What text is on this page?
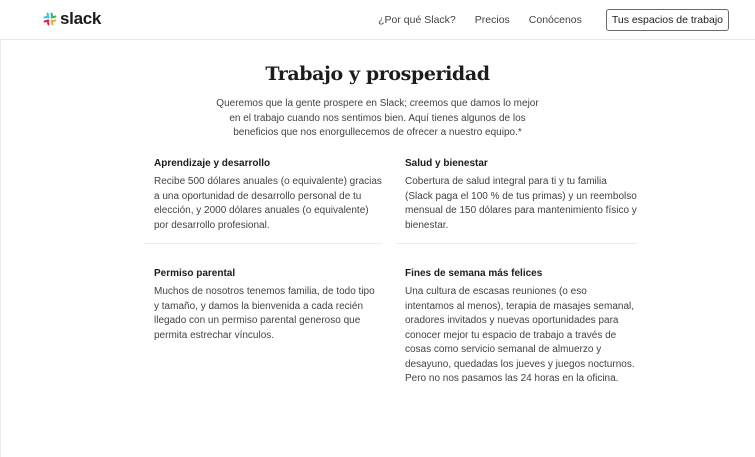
slack	¿Por qué Slack? Precios Conócenos	Tus espacios de trabajo
Trabajo y prosperidad

Queremos que la gente prospere en Slack; creemos que damos lo mejor en el trabajo cuando nos sentimos bien. Aquí tienes algunos de los beneficios que nos enorgullecemos de ofrecer a nuestro equipo.*

Aprendizaje y desarrollo

Recibe 500 dólares anuales (o equivalente) gracias a una oportunidad de desarrollo personal de tu elección, y 2000 dólares anuales (o equivalente) por desarrollo profesional.

Salud y bienestar

Cobertura de salud integral para ti y tu familia (Slack paga el 100 % de tus primas) y un reembolso mensual de 150 dólares para mantenimiento físico y bienestar.

Permiso parental

Muchos de nosotros tenemos familia, de todo tipo y tamaño, y damos la bienvenida a cada recién llegado con un permiso parental generoso que permita estrechar vínculos.

Fines de semana más felices

Una cultura de escasas reuniones (o eso intentamos al menos), terapia de masajes semanal, oradores invitados y nuevas oportunidades para conocer mejor tu espacio de trabajo a través de cosas como servicio semanal de almuerzo y desayuno, quedadas los jueves y juegos nocturnos. Pero no nos pasamos las 24 horas en la oficina.
